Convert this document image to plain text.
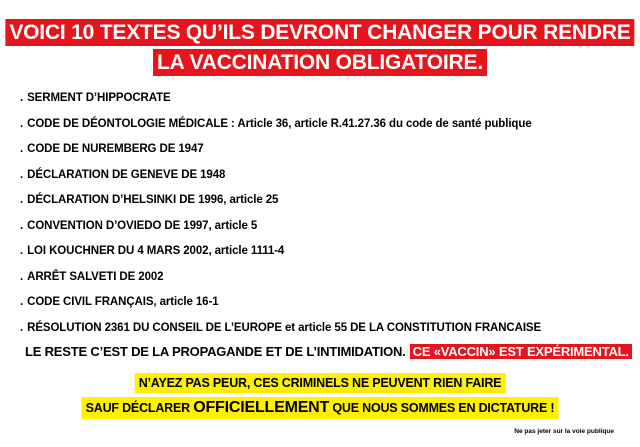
VOICI 10 TEXTES QU’ILS DEVRONT CHANGER POUR RENDRE
LA VACCINATION OBLIGATOIRE.
. SERMENT D’HIPPOCRATE
. CODE DE DÉONTOLOGIE MÉDICALE : Article 36, article R.41.27.36 du code de santé publique
. CODE DE NUREMBERG DE 1947
. DÉCLARATION DE GENEVE DE 1948
. DÉCLARATION D’HELSINKI DE 1996, article 25
. CONVENTION D’OVIEDO DE 1997, article 5
. LOI KOUCHNER DU 4 MARS 2002, article 1111-4
. ARRÊT SALVETI DE 2002
. CODE CIVIL FRANÇAIS, article 16-1
. RÉSOLUTION 2361 DU CONSEIL DE L’EUROPE et article 55 DE LA CONSTITUTION FRANCAISE
LE RESTE C’EST DE LA PROPAGANDE ET DE L’INTIMIDATION. CE «VACCIN» EST EXPÉRIMENTAL.
N’AYEZ PAS PEUR, CES CRIMINELS NE PEUVENT RIEN FAIRE
SAUF DÉCLARER OFFICIELLEMENT QUE NOUS SOMMES EN DICTATURE !
Ne pas jeter sur la voie publique
